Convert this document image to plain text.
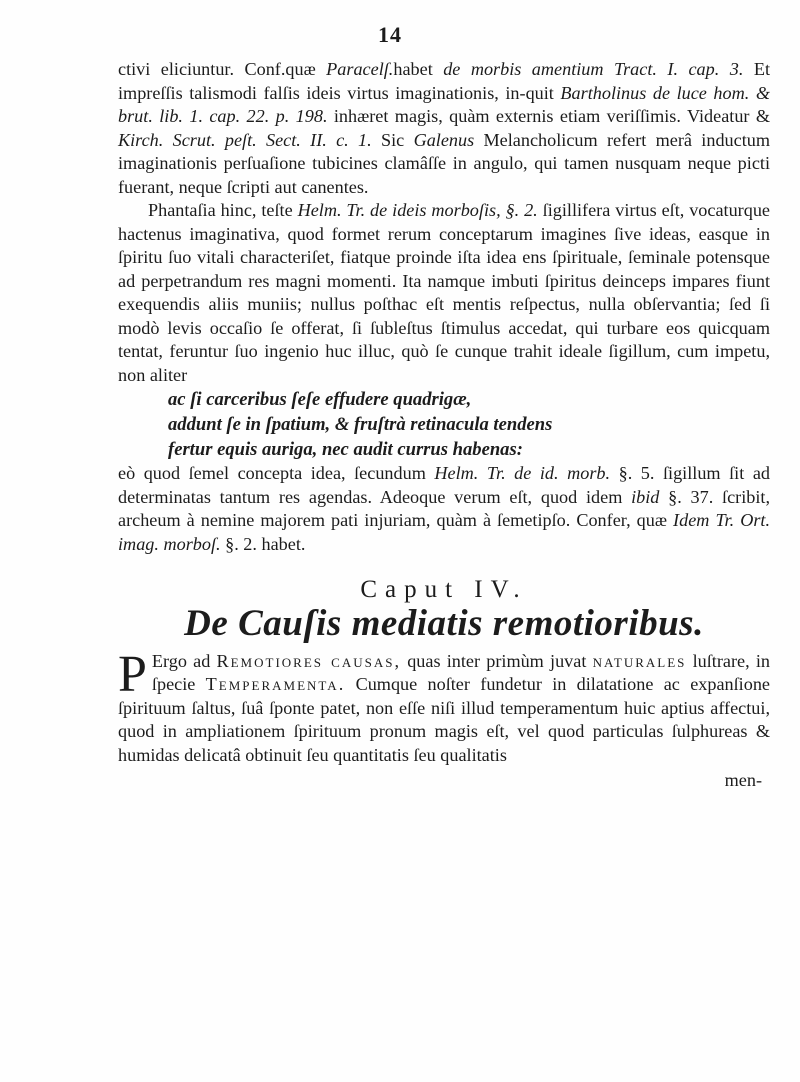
14

ctivi eliciuntur. Conf.quæ Paracelſ.habet de morbis amentium Tract. I. cap. 3. Et impreſſis talismodi falſis ideis virtus imaginationis, in-quit Bartholinus de luce hom. & brut. lib. 1. cap. 22. p. 198. inhæret magis, quàm externis etiam veriſſimis. Videatur & Kirch. Scrut. peſt. Sect. II. c. 1. Sic Galenus Melancholicum refert merâ inductum imaginationis perſuaſione tubicines clamâſſe in angulo, qui tamen nusquam neque picti fuerant, neque ſcripti aut canentes.

Phantaſia hinc, teſte Helm. Tr. de ideis morboſis, §. 2. ſigillifera virtus eſt, vocaturque hactenus imaginativa, quod formet rerum conceptarum imagines ſive ideas, easque in ſpiritu ſuo vitali characteriſet, fiatque proinde iſta idea ens ſpirituale, ſeminale potensque ad perpetrandum res magni momenti. Ita namque imbuti ſpiritus deinceps impares fiunt exequendis aliis muniis; nullus poſthac eſt mentis reſpectus, nulla obſervantia; ſed ſi modò levis occaſio ſe offerat, ſi ſubleſtus ſtimulus accedat, qui turbare eos quicquam tentat, feruntur ſuo ingenio huc illuc, quò ſe cunque trahit ideale ſigillum, cum impetu, non aliter

ac ſi carceribus ſeſe effudere quadrigæ,
addunt ſe in ſpatium, & fruſtrà retinacula tendens
fertur equis auriga, nec audit currus habenas:

eò quod ſemel concepta idea, ſecundum Helm. Tr. de id. morb. §. 5. ſigillum ſit ad determinatas tantum res agendas. Adeoque verum eſt, quod idem ibid §. 37. ſcribit, archeum à nemine majorem pati injuriam, quàm à ſemetipſo. Confer, quæ Idem Tr. Ort. imag. morboſ. §. 2. habet.

Caput IV.
De Cauſis mediatis remotioribus.

P Ergo ad Remotiores causas, quas inter primùm juvat naturales luſtrare, in ſpecie Temperamenta. Cumque noſter fundetur in dilatatione ac expanſione ſpirituum ſaltus, ſuâ ſponte patet, non eſſe niſi illud temperamentum huic aptius affectui, quod in ampliationem ſpirituum pronum magis eſt, vel quod particulas ſulphureas & humidas delicatâ obtinuit ſeu quantitatis ſeu qualitatis

men-
